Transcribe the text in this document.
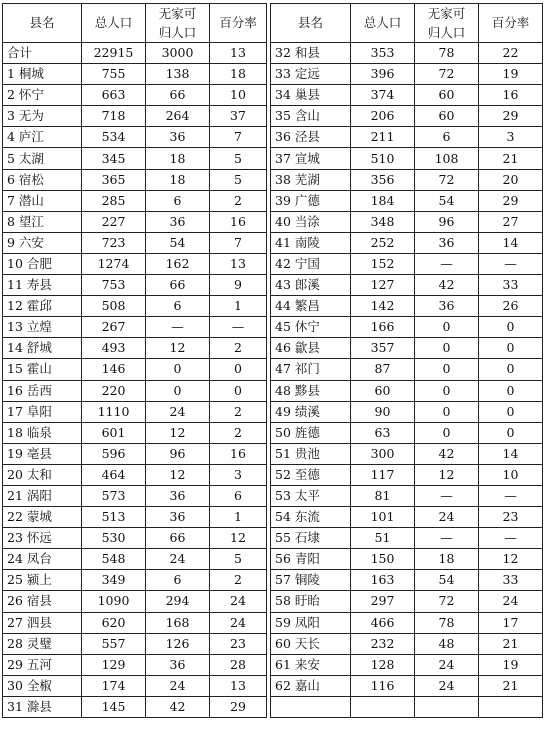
县名	总人口	无家可
归人口	百分率		县名	总人口	无家可
归人口	百分率
合计	22915	3000	13		32 和县	353	78	22
1 桐城	755	138	18		33 定远	396	72	19
2 怀宁	663	66	10		34 巢县	374	60	16
3 无为	718	264	37		35 含山	206	60	29
4 庐江	534	36	7		36 泾县	211	6	3
5 太湖	345	18	5		37 宣城	510	108	21
6 宿松	365	18	5		38 芜湖	356	72	20
7 潜山	285	6	2		39 广德	184	54	29
8 望江	227	36	16		40 当涂	348	96	27
9 六安	723	54	7		41 南陵	252	36	14
10 合肥	1274	162	13		42 宁国	152	—	—
11 寿县	753	66	9		43 郎溪	127	42	33
12 霍邱	508	6	1		44 繁昌	142	36	26
13 立煌	267	—	—		45 休宁	166	0	0
14 舒城	493	12	2		46 歙县	357	0	0
15 霍山	146	0	0		47 祁门	87	0	0
16 岳西	220	0	0		48 黟县	60	0	0
17 阜阳	1110	24	2		49 绩溪	90	0	0
18 临泉	601	12	2		50 旌德	63	0	0
19 亳县	596	96	16		51 贵池	300	42	14
20 太和	464	12	3		52 至德	117	12	10
21 涡阳	573	36	6		53 太平	81	—	—
22 蒙城	513	36	1		54 东流	101	24	23
23 怀远	530	66	12		55 石埭	51	—	—
24 凤台	548	24	5		56 青阳	150	18	12
25 颍上	349	6	2		57 铜陵	163	54	33
26 宿县	1090	294	24		58 盱眙	297	72	24
27 泗县	620	168	24		59 凤阳	466	78	17
28 灵璧	557	126	23		60 天长	232	48	21
29 五河	129	36	28		61 来安	128	24	19
30 全椒	174	24	13		62 嘉山	116	24	21
31 滁县	145	42	29					
